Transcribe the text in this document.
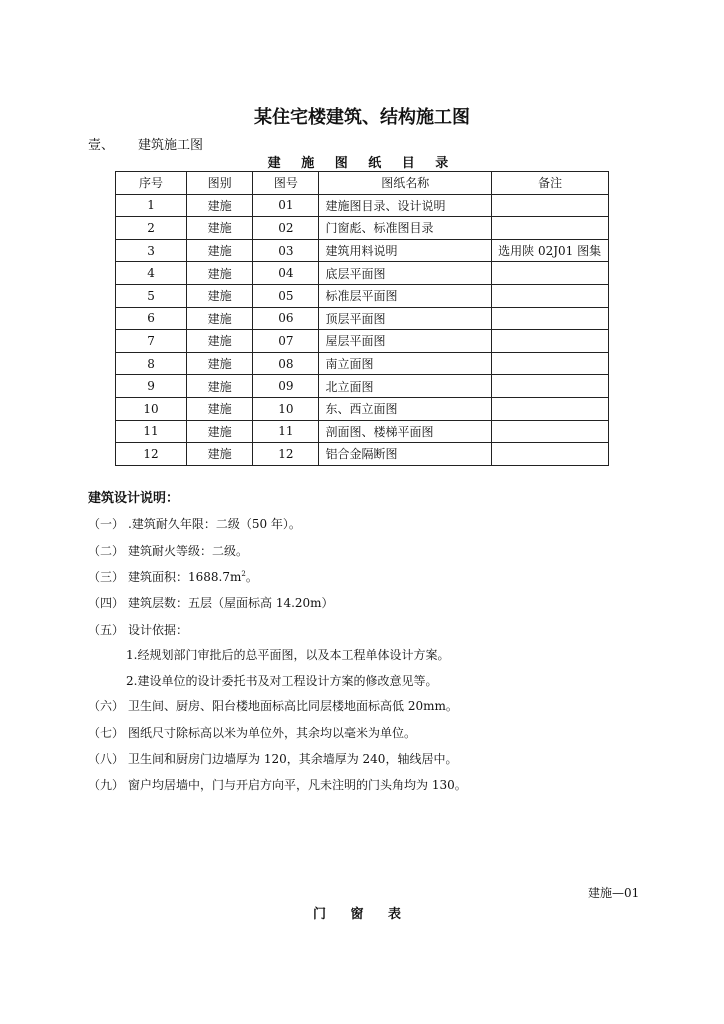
某住宅楼建筑、结构施工图
壹、 建筑施工图
建 施 图 纸 目 录
序号	图别	图号	图纸名称	备注
1	建施	01	建施图目录、设计说明	
2	建施	02	门窗彪、标准图目录	
3	建施	03	建筑用料说明	选用陕 02J01 图集
4	建施	04	底层平面图	
5	建施	05	标准层平面图	
6	建施	06	顶层平面图	
7	建施	07	屋层平面图	
8	建施	08	南立面图	
9	建施	09	北立面图	
10	建施	10	东、西立面图	
11	建施	11	剖面图、楼梯平面图	
12	建施	12	铝合金隔断图	
建筑设计说明：
（一） .建筑耐久年限：二级（50 年）。
（二） 建筑耐火等级：二级。
（三） 建筑面积：$1688.7m^2$。
（四） 建筑层数：五层（屋面标高 14.20m）
（五） 设计依据：
（六） 卫生间、厨房、阳台楼地面标高比同层楼地面标高低 20mm。
（七） 图纸尺寸除标高以米为单位外，其余均以毫米为单位。
（八） 卫生间和厨房门边墙厚为 120，其余墙厚为 240，轴线居中。
（九） 窗户均居墙中，门与开启方向平，凡未注明的门头角均为 130。
1.经规划部门审批后的总平面图，以及本工程单体设计方案。
2.建设单位的设计委托书及对工程设计方案的修改意见等。
建施—01
门 窗 表
